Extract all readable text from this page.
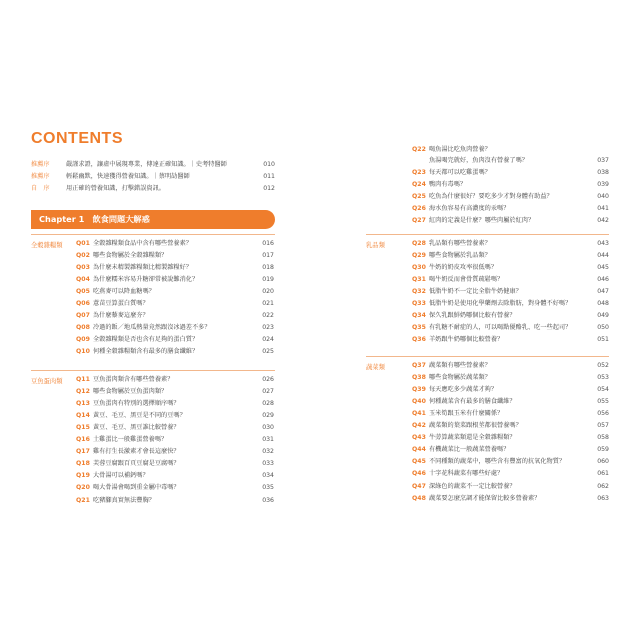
CONTENTS
推薦序	嚴謹求證，讓虛中展現專業，傳達正確知識。｜史考特醫師	010
推薦序	輕鬆幽默，快速獲得營養知識。｜蔡明劼醫師	011
自　序	用正確的營養知識，打擊錯誤資訊。	012
Chapter 1　飲食問題大解惑
全穀雜糧類 Q01 全穀雜糧類食品中含有哪些營養素？	016
Q02 哪些食物屬於全穀雜糧類？	017
Q03 為什麼未精製雜糧類比精製雜糧好？	018
Q04 為什麼糯米容易升糖卻常被說難消化？	019
Q05 吃燕麥可以降血糖嗎？	020
Q06 薏苗豆算蛋白質嗎？	021
Q07 為什麼藜麥這麼夯？	022
Q08 冷過的飯／地瓜熱量竟然跟沒冰過差不多？	023
Q09 全穀雜糧類是否也含有足夠的蛋白質？	024
Q10 何種全穀雜糧類含有最多的膳食纖維？	025
豆魚蛋肉類 Q11 豆魚蛋肉類含有哪些營養素？	026
Q12 哪些食物屬於豆魚蛋肉類？	027
Q13 豆魚蛋肉有特別的選擇順序嗎？	028
Q14 黃豆、毛豆、黑豆是不同的豆嗎？	029
Q15 黃豆、毛豆、黑豆誰比較營養？	030
Q16 土雞蛋比一般雞蛋營養嗎？	031
Q17 雞有打生長激素才會長這麼快？	032
Q18 芙蓉豆腐跟百頁豆腐是豆腐嗎？	033
Q19 大骨湯可以補鈣嗎？	034
Q20 喝大骨湯會喝到重金屬中毒嗎？	035
Q21 吃豬腳真實無法豐胸？	036
Q22 喝魚湯比吃魚肉營養？
魚湯喝完就好，魚肉沒有營養了嗎？	037
Q23 每天都可以吃雞蛋嗎？	038
Q24 鴨肉有毒嗎？	039
Q25 吃魚為什麼很好？要吃多少才對身體有助益？	040
Q26 海水魚容易有高濃度的汞嗎？	041
Q27 紅肉的定義是什麼？哪些肉屬於紅肉？	042
乳品類	Q28 乳品類有哪些營養素？	043
Q29 哪些食物屬於乳品類？	044
Q30 牛奶的奶皮攻率很低嗎？	045
Q31 喝牛奶反而會骨質疏鬆嗎？	046
Q32 低脂牛奶不一定比全脂牛奶健康？	047
Q33 低脂牛奶是使用化學藥劑去除脂肪，對身體不好嗎？	048
Q34 保久乳跟鮮奶哪個比較有營養？	049
Q35 有乳糖不耐症的人，可以喝點優酪乳、吃一些起司？	050
Q36 羊奶跟牛奶哪個比較營養？	051
蔬菜類	Q37 蔬菜類有哪些營養素？	052
Q38 哪些食物屬於蔬菜類？	053
Q39 每天應吃多少蔬菜才夠？	054
Q40 何種蔬菜含有最多的膳食纖維？	055
Q41 玉米筍跟玉米有什麼關係？	056
Q42 蔬菜類的葉菜跟根莖都很營養嗎？	057
Q43 牛蒡算蔬菜類還是全穀雜糧類？	058
Q44 有機蔬菜比一般蔬菜營養嗎？	059
Q45 不同種類的蔬菜中，哪些含有豐富的抗氧化物質？	060
Q46 十字花科蔬菜有哪些好處？	061
Q47 深綠色的蔬菜不一定比較營養？	062
Q48 蔬菜要怎麼烹調才能保留比較多營養素？	063
